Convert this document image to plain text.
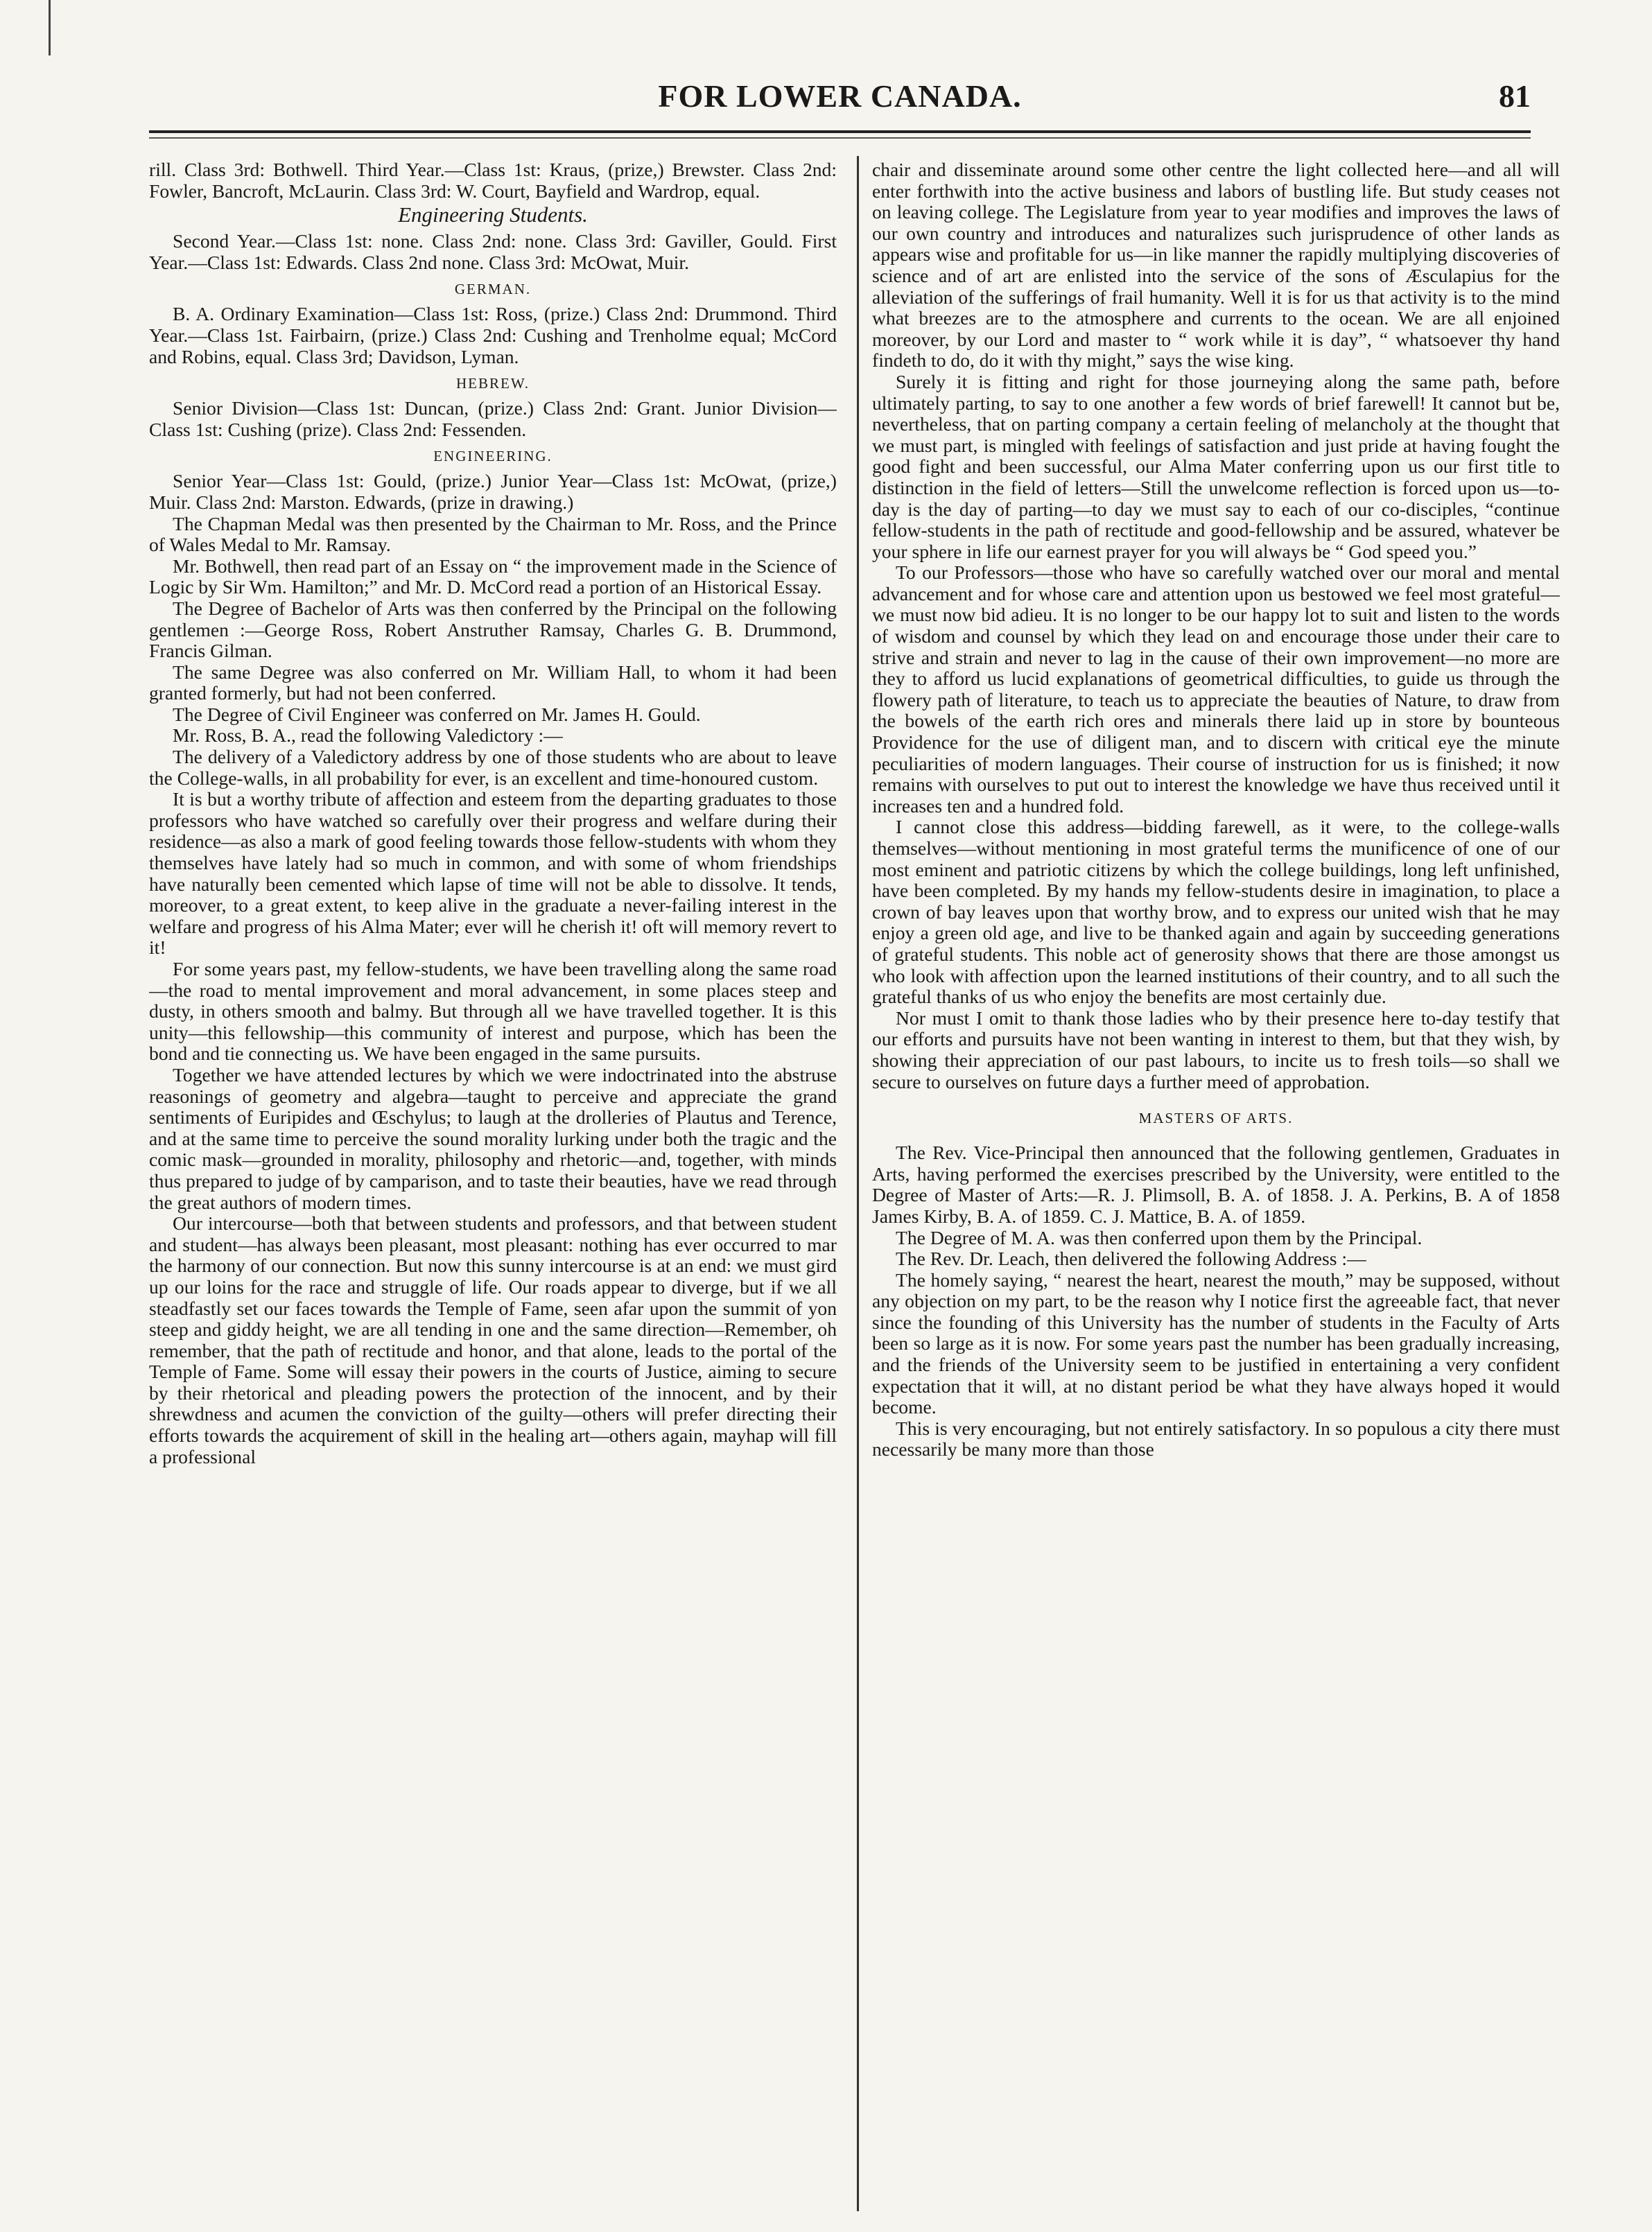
FOR LOWER CANADA.	81

rill. Class 3rd: Bothwell. Third Year.—Class 1st: Kraus, (prize,) Brewster. Class 2nd: Fowler, Bancroft, McLaurin. Class 3rd: W. Court, Bayfield and Wardrop, equal.

Engineering Students.

Second Year.—Class 1st: none. Class 2nd: none. Class 3rd: Gaviller, Gould. First Year.—Class 1st: Edwards. Class 2nd none. Class 3rd: McOwat, Muir.

GERMAN.

B. A. Ordinary Examination—Class 1st: Ross, (prize.) Class 2nd: Drummond. Third Year.—Class 1st. Fairbairn, (prize.) Class 2nd: Cushing and Trenholme equal; McCord and Robins, equal. Class 3rd; Davidson, Lyman.

HEBREW.

Senior Division—Class 1st: Duncan, (prize.) Class 2nd: Grant. Junior Division—Class 1st: Cushing (prize). Class 2nd: Fessenden.

ENGINEERING.

Senior Year—Class 1st: Gould, (prize.) Junior Year—Class 1st: McOwat, (prize,) Muir. Class 2nd: Marston. Edwards, (prize in drawing.)

The Chapman Medal was then presented by the Chairman to Mr. Ross, and the Prince of Wales Medal to Mr. Ramsay.

Mr. Bothwell, then read part of an Essay on “ the improvement made in the Science of Logic by Sir Wm. Hamilton;” and Mr. D. McCord read a portion of an Historical Essay.

The Degree of Bachelor of Arts was then conferred by the Principal on the following gentlemen :—George Ross, Robert Anstruther Ramsay, Charles G. B. Drummond, Francis Gilman.

The same Degree was also conferred on Mr. William Hall, to whom it had been granted formerly, but had not been conferred.

The Degree of Civil Engineer was conferred on Mr. James H. Gould.

Mr. Ross, B. A., read the following Valedictory :—

The delivery of a Valedictory address by one of those students who are about to leave the College-walls, in all probability for ever, is an excellent and time-honoured custom.

It is but a worthy tribute of affection and esteem from the departing graduates to those professors who have watched so carefully over their progress and welfare during their residence—as also a mark of good feeling towards those fellow-students with whom they themselves have lately had so much in common, and with some of whom friendships have naturally been cemented which lapse of time will not be able to dissolve. It tends, moreover, to a great extent, to keep alive in the graduate a never-failing interest in the welfare and progress of his Alma Mater; ever will he cherish it! oft will memory revert to it!

For some years past, my fellow-students, we have been travelling along the same road—the road to mental improvement and moral advancement, in some places steep and dusty, in others smooth and balmy. But through all we have travelled together. It is this unity—this fellowship—this community of interest and purpose, which has been the bond and tie connecting us. We have been engaged in the same pursuits.

Together we have attended lectures by which we were indoctrinated into the abstruse reasonings of geometry and algebra—taught to perceive and appreciate the grand sentiments of Euripides and Œschylus; to laugh at the drolleries of Plautus and Terence, and at the same time to perceive the sound morality lurking under both the tragic and the comic mask—grounded in morality, philosophy and rhetoric—and, together, with minds thus prepared to judge of by camparison, and to taste their beauties, have we read through the great authors of modern times.

Our intercourse—both that between students and professors, and that between student and student—has always been pleasant, most pleasant: nothing has ever occurred to mar the harmony of our connection. But now this sunny intercourse is at an end: we must gird up our loins for the race and struggle of life. Our roads appear to diverge, but if we all steadfastly set our faces towards the Temple of Fame, seen afar upon the summit of yon steep and giddy height, we are all tending in one and the same direction—Remember, oh remember, that the path of rectitude and honor, and that alone, leads to the portal of the Temple of Fame. Some will essay their powers in the courts of Justice, aiming to secure by their rhetorical and pleading powers the protection of the innocent, and by their shrewdness and acumen the conviction of the guilty—others will prefer directing their efforts towards the acquirement of skill in the healing art—others again, mayhap will fill a professional

chair and disseminate around some other centre the light collected here—and all will enter forthwith into the active business and labors of bustling life. But study ceases not on leaving college. The Legislature from year to year modifies and improves the laws of our own country and introduces and naturalizes such jurisprudence of other lands as appears wise and profitable for us—in like manner the rapidly multiplying discoveries of science and of art are enlisted into the service of the sons of Æsculapius for the alleviation of the sufferings of frail humanity. Well it is for us that activity is to the mind what breezes are to the atmosphere and currents to the ocean. We are all enjoined moreover, by our Lord and master to “ work while it is day”, “ whatsoever thy hand findeth to do, do it with thy might,” says the wise king.

Surely it is fitting and right for those journeying along the same path, before ultimately parting, to say to one another a few words of brief farewell! It cannot but be, nevertheless, that on parting company a certain feeling of melancholy at the thought that we must part, is mingled with feelings of satisfaction and just pride at having fought the good fight and been successful, our Alma Mater conferring upon us our first title to distinction in the field of letters—Still the unwelcome reflection is forced upon us—to-day is the day of parting—to day we must say to each of our co-disciples, “continue fellow-students in the path of rectitude and good-fellowship and be assured, whatever be your sphere in life our earnest prayer for you will always be “ God speed you.”

To our Professors—those who have so carefully watched over our moral and mental advancement and for whose care and attention upon us bestowed we feel most grateful—we must now bid adieu. It is no longer to be our happy lot to suit and listen to the words of wisdom and counsel by which they lead on and encourage those under their care to strive and strain and never to lag in the cause of their own improvement—no more are they to afford us lucid explanations of geometrical difficulties, to guide us through the flowery path of literature, to teach us to appreciate the beauties of Nature, to draw from the bowels of the earth rich ores and minerals there laid up in store by bounteous Providence for the use of diligent man, and to discern with critical eye the minute peculiarities of modern languages. Their course of instruction for us is finished; it now remains with ourselves to put out to interest the knowledge we have thus received until it increases ten and a hundred fold.

I cannot close this address—bidding farewell, as it were, to the college-walls themselves—without mentioning in most grateful terms the munificence of one of our most eminent and patriotic citizens by which the college buildings, long left unfinished, have been completed. By my hands my fellow-students desire in imagination, to place a crown of bay leaves upon that worthy brow, and to express our united wish that he may enjoy a green old age, and live to be thanked again and again by succeeding generations of grateful students. This noble act of generosity shows that there are those amongst us who look with affection upon the learned institutions of their country, and to all such the grateful thanks of us who enjoy the benefits are most certainly due.

Nor must I omit to thank those ladies who by their presence here to-day testify that our efforts and pursuits have not been wanting in interest to them, but that they wish, by showing their appreciation of our past labours, to incite us to fresh toils—so shall we secure to ourselves on future days a further meed of approbation.

MASTERS OF ARTS.

The Rev. Vice-Principal then announced that the following gentlemen, Graduates in Arts, having performed the exercises prescribed by the University, were entitled to the Degree of Master of Arts:—R. J. Plimsoll, B. A. of 1858. J. A. Perkins, B. A of 1858 James Kirby, B. A. of 1859. C. J. Mattice, B. A. of 1859.

The Degree of M. A. was then conferred upon them by the Principal.

The Rev. Dr. Leach, then delivered the following Address :—

The homely saying, “ nearest the heart, nearest the mouth,” may be supposed, without any objection on my part, to be the reason why I notice first the agreeable fact, that never since the founding of this University has the number of students in the Faculty of Arts been so large as it is now. For some years past the number has been gradually increasing, and the friends of the University seem to be justified in entertaining a very confident expectation that it will, at no distant period be what they have always hoped it would become.

This is very encouraging, but not entirely satisfactory. In so populous a city there must necessarily be many more than those
